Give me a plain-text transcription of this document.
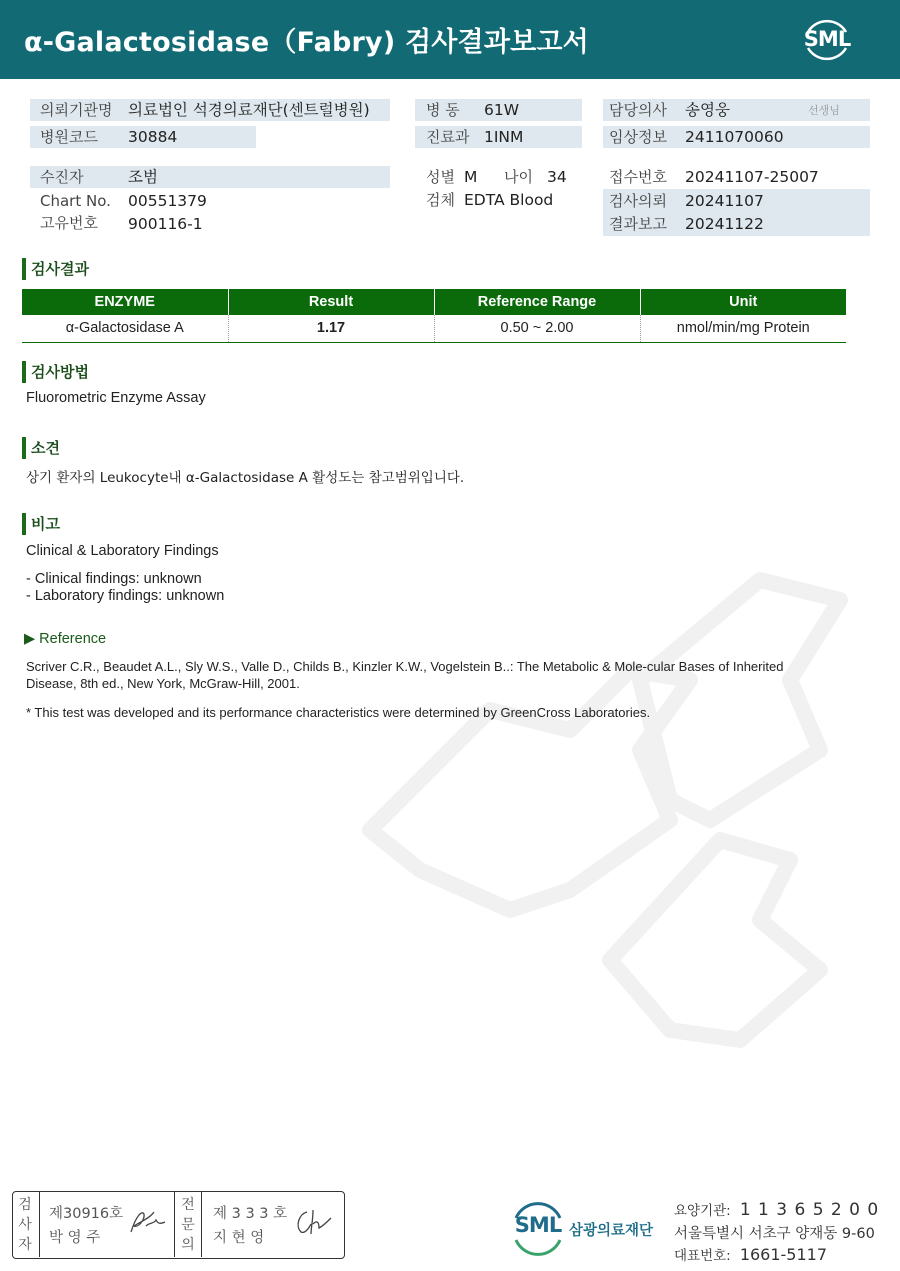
α-Galactosidase（Fabry) 검사결과보고서	SML
의뢰기관명 의료법인 석경의료재단(센트럴병원)
병원코드 30884
수진자	조범
Chart No. 00551379
고유번호 900116-1
병 동 61W
진료과 1INM
성별 M 나이 34
검체 EDTA Blood
담당의사 송영웅	선생님
임상정보 2411070060
접수번호 20241107-25007
검사의뢰 20241107
결과보고 20241122
검사결과
ENZYME	Result	Reference Range	Unit
α-Galactosidase A	1.17	0.50 ~ 2.00	nmol/min/mg Protein
검사방법
Fluorometric Enzyme Assay
소견
상기 환자의 Leukocyte내 α-Galactosidase A 활성도는 참고범위입니다.
비고
Clinical & Laboratory Findings
- Clinical findings: unknown
- Laboratory findings: unknown
▶ Reference
Scriver C.R., Beaudet A.L., Sly W.S., Valle D., Childs B., Kinzler K.W., Vogelstein B..: The Metabolic & Mole-cular Bases of Inherited
Disease, 8th ed., New York, McGraw-Hill, 2001.
* This test was developed and its performance characteristics were determined by GreenCross Laboratories.
검
사
자
제30916호
박 영 주
전
문
의
제 3 3 3 호
지 현 영
SML 삼광의료재단
요양기관: 1 1 3 6 5 2 0 0
서울특별시 서초구 양재동 9-60
대표번호: 1661-5117
